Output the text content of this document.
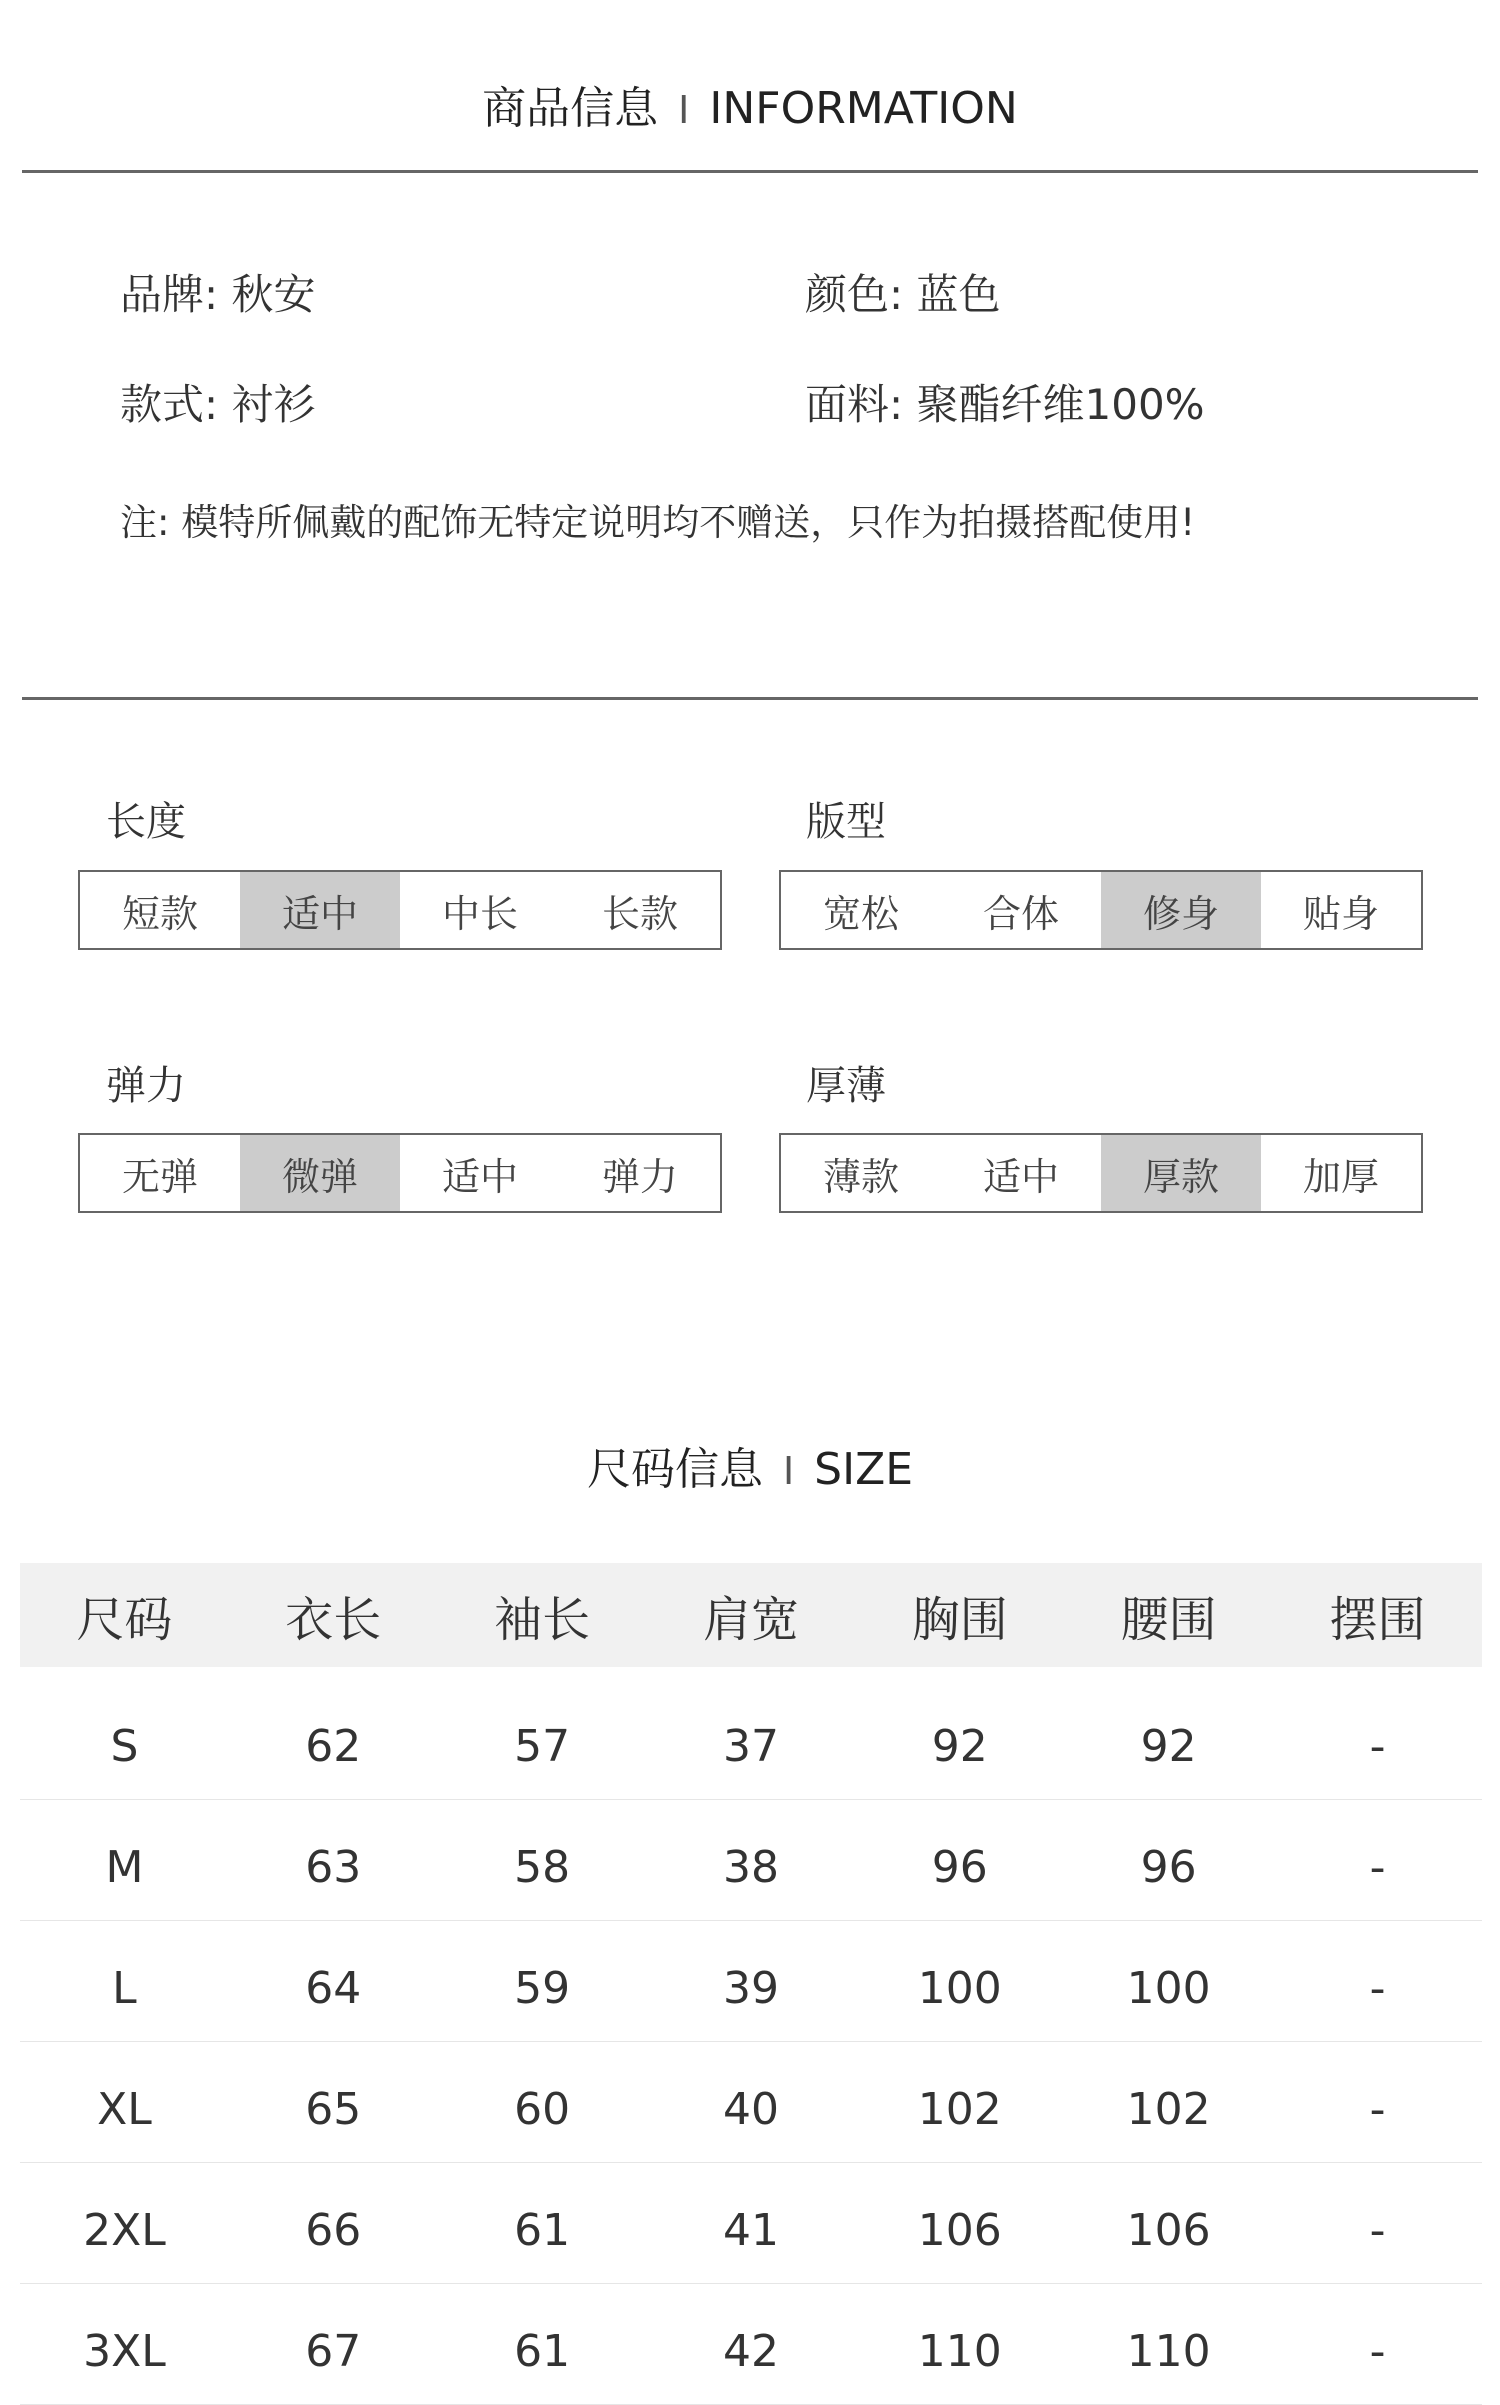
商品信息 I INFORMATION
品牌: 秋安	颜色: 蓝色
款式: 衬衫	面料: 聚酯纤维100%
注: 模特所佩戴的配饰无特定说明均不赠送，只作为拍摄搭配使用!
长度
短款	适中	中长	长款
版型
宽松	合体	修身	贴身
弹力
无弹	微弹	适中	弹力
厚薄
薄款	适中	厚款	加厚
尺码信息 I SIZE
尺码	衣长	袖长	肩宽	胸围	腰围	摆围
S	62	57	37	92	92	-
M	63	58	38	96	96	-
L	64	59	39	100	100	-
XL	65	60	40	102	102	-
2XL	66	61	41	106	106	-
3XL	67	61	42	110	110	-
